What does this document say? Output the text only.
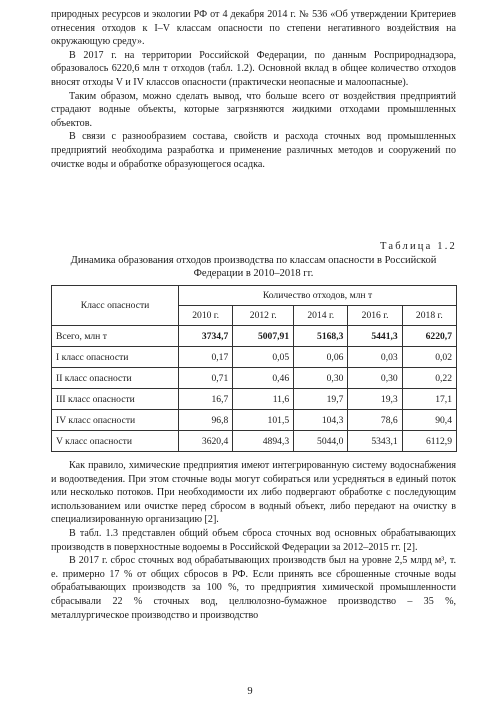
природных ресурсов и экологии РФ от 4 декабря 2014 г. № 536 «Об утверждении Критериев отнесения отходов к I–V классам опасности по степени негативного воздействия на окружающую среду».

В 2017 г. на территории Российской Федерации, по данным Росприроднадзора, образовалось 6220,6 млн т отходов (табл. 1.2). Основной вклад в общее количество отходов вносят отходы V и IV классов опасности (практически неопасные и малоопасные).

Таким образом, можно сделать вывод, что больше всего от воздействия предприятий страдают водные объекты, которые загрязняются жидкими отходами промышленных объектов.

В связи с разнообразием состава, свойств и расхода сточных вод промышленных предприятий необходима разработка и применение различных методов и сооружений по очистке воды и обработке образующегося осадка.

Таблица 1.2
Динамика образования отходов производства по классам опасности в Российской Федерации в 2010–2018 гг.
Класс опасности	Количество отходов, млн т				
	2010 г.	2012 г.	2014 г.	2016 г.	2018 г.
Всего, млн т	3734,7	5007,91	5168,3	5441,3	6220,7
I класс опасности	0,17	0,05	0,06	0,03	0,02
II класс опасности	0,71	0,46	0,30	0,30	0,22
III класс опасности	16,7	11,6	19,7	19,3	17,1
IV класс опасности	96,8	101,5	104,3	78,6	90,4
V класс опасности	3620,4	4894,3	5044,0	5343,1	6112,9

Как правило, химические предприятия имеют интегрированную систему водоснабжения и водоотведения. При этом сточные воды могут собираться или усредняться в единый поток или несколько потоков. При необходимости их либо подвергают обработке с последующим использованием или очистке перед сбросом в водный объект, либо передают на очистку в специализированную организацию [2].

В табл. 1.3 представлен общий объем сброса сточных вод основных обрабатывающих производств в поверхностные водоемы в Российской Федерации за 2012–2015 гг. [2].

В 2017 г. сброс сточных вод обрабатывающих производств был на уровне 2,5 млрд м³, т. е. примерно 17 % от общих сбросов в РФ. Если принять все сброшенные сточные воды обрабатывающих производств за 100 %, то предприятия химической промышленности сбрасывали 22 % сточных вод, целлюлозно-бумажное производство – 35 %, металлургическое производство и производство

9
